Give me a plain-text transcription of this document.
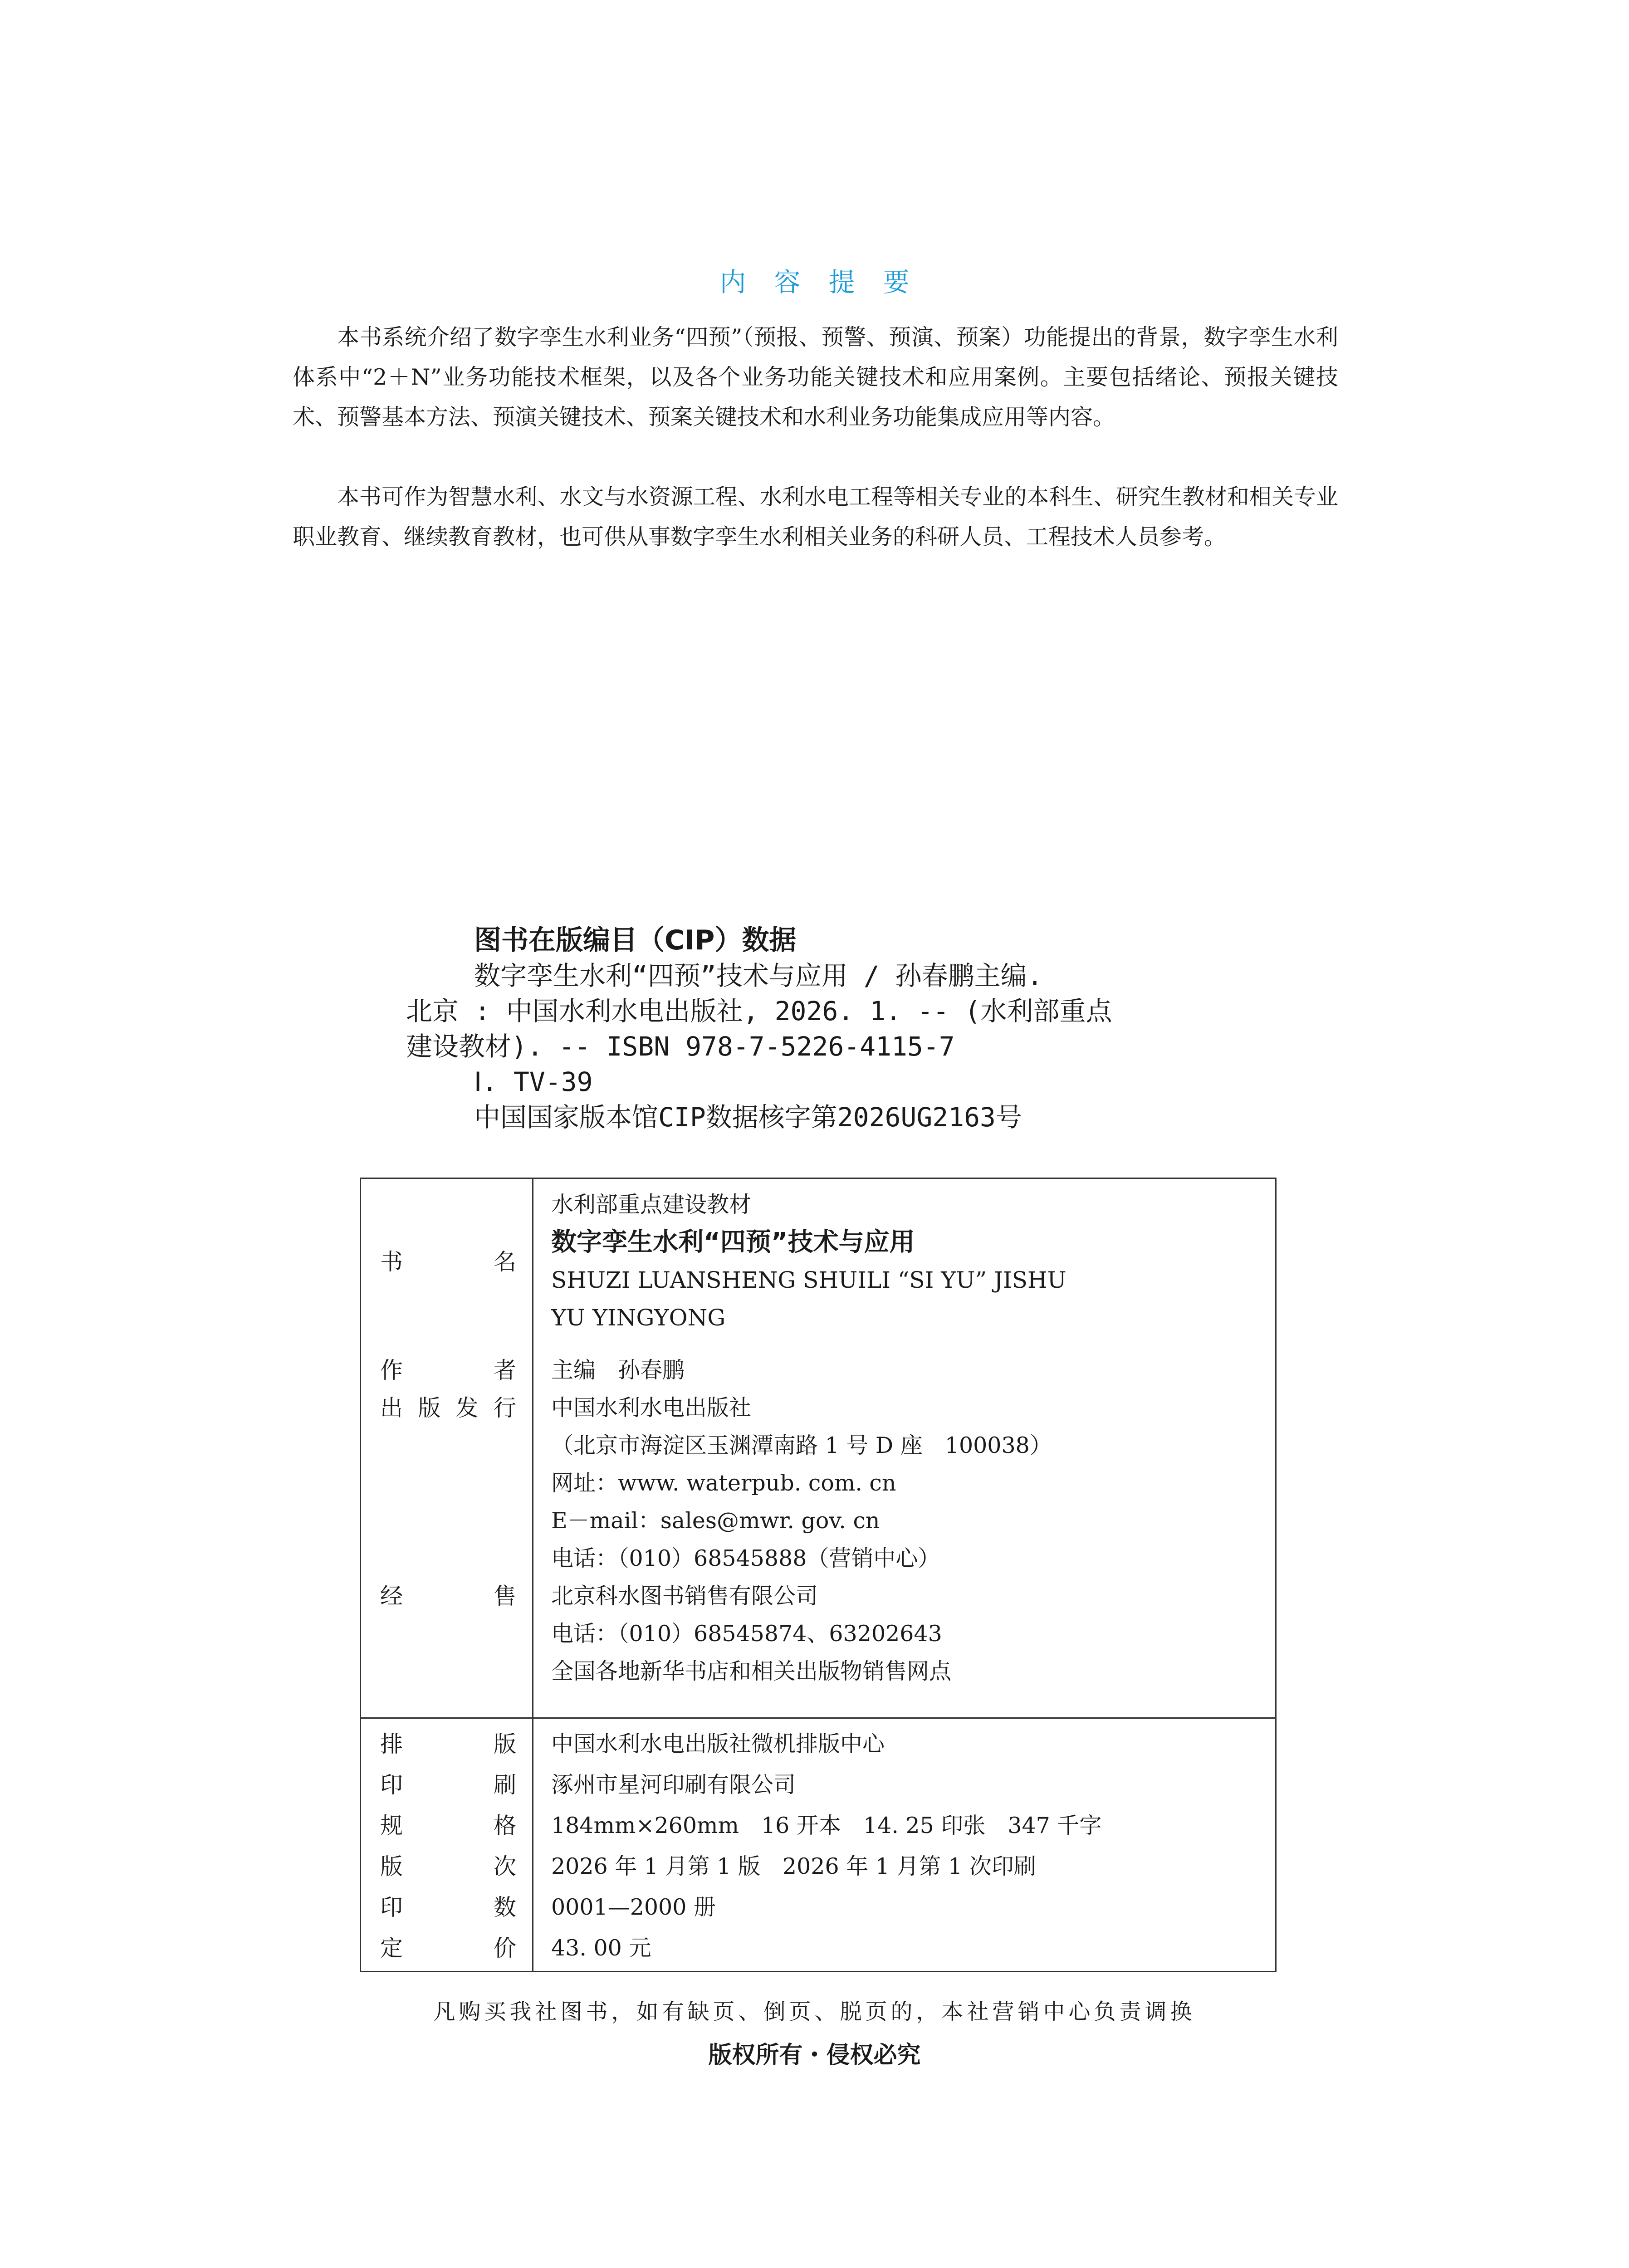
内容提要

本书系统介绍了数字孪生水利业务“四预”（预报、预警、预演、预案）功能提出的背景，数字孪生水利体系中“2＋N”业务功能技术框架，以及各个业务功能关键技术和应用案例。主要包括绪论、预报关键技术、预警基本方法、预演关键技术、预案关键技术和水利业务功能集成应用等内容。

本书可作为智慧水利、水文与水资源工程、水利水电工程等相关专业的本科生、研究生教材和相关专业职业教育、继续教育教材，也可供从事数字孪生水利相关业务的科研人员、工程技术人员参考。

图书在版编目（CIP）数据
数字孪生水利“四预”技术与应用 / 孙春鹏主编.
北京 : 中国水利水电出版社, 2026. 1. -- (水利部重点
建设教材). -- ISBN 978-7-5226-4115-7
Ⅰ. TV-39
中国国家版本馆CIP数据核字第2026UG2163号
水利部重点建设教材
书名
数字孪生水利“四预”技术与应用
SHUZI LUANSHENG SHUILI “SI YU” JISHU
YU YINGYONG
作者 主编　孙春鹏
出版发行 中国水利水电出版社
（北京市海淀区玉渊潭南路 1 号 D 座　100038）
网址：www. waterpub. com. cn
E－mail：sales@mwr. gov. cn
电话：（010）68545888（营销中心）
经售 北京科水图书销售有限公司
电话：（010）68545874、63202643
全国各地新华书店和相关出版物销售网点
排版 中国水利水电出版社微机排版中心
印刷 涿州市星河印刷有限公司
规格 184mm×260mm　16 开本　14. 25 印张　347 千字
版次 2026 年 1 月第 1 版　2026 年 1 月第 1 次印刷
印数 0001—2000 册
定价 43. 00 元
凡购买我社图书，如有缺页、倒页、脱页的，本社营销中心负责调换
版权所有・侵权必究
